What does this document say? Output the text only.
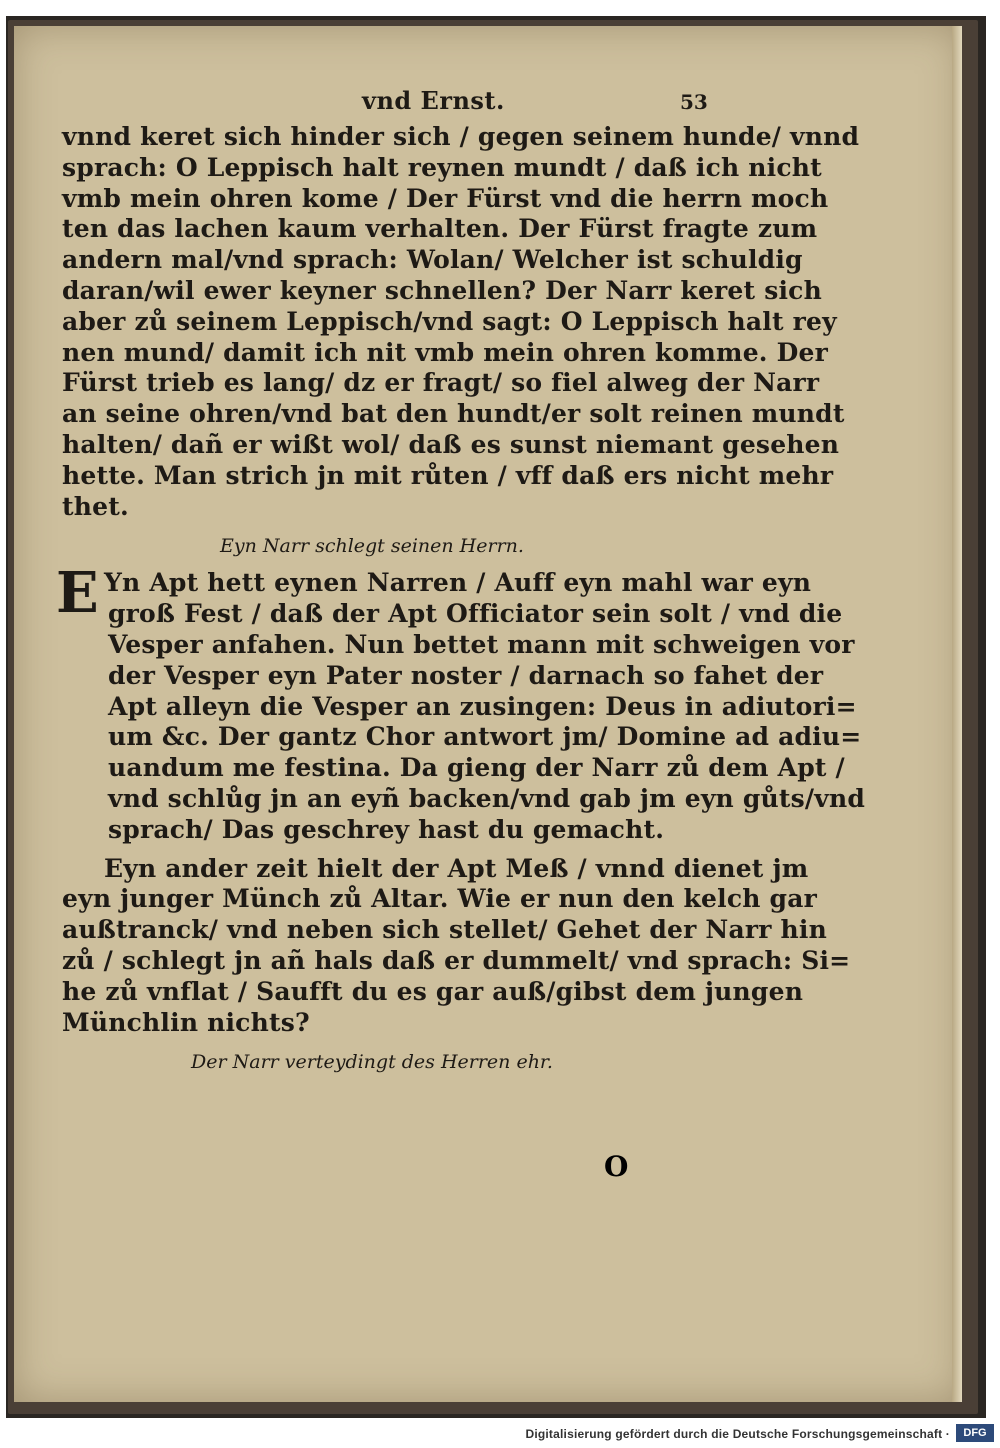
vnd Ernst.	53
vnnd keret sich hinder sich / gegen seinem hunde/ vnnd
sprach: O Leppisch halt reynen mundt / daß ich nicht
vmb mein ohren kome / Der Fürst vnd die herrn moch
ten das lachen kaum verhalten. Der Fürst fragte zum
andern mal/vnd sprach: Wolan/ Welcher ist schuldig
daran/wil ewer keyner schnellen? Der Narr keret sich
aber zů seinem Leppisch/vnd sagt: O Leppisch halt rey
nen mund/ damit ich nit vmb mein ohren komme. Der
Fürst trieb es lang/ dz er fragt/ so fiel alweg der Narr
an seine ohren/vnd bat den hundt/er solt reinen mundt
halten/ dañ er wißt wol/ daß es sunst niemant gesehen
hette. Man strich jn mit růten / vff daß ers nicht mehr
thet.
Eyn Narr schlegt seinen Herrn.
E Yn Apt hett eynen Narren / Auff eyn mahl war eyn
groß Fest / daß der Apt Officiator sein solt / vnd die
Vesper anfahen. Nun bettet mann mit schweigen vor
der Vesper eyn Pater noster / darnach so fahet der
Apt alleyn die Vesper an zusingen: Deus in adiutori=
um &c. Der gantz Chor antwort jm/ Domine ad adiu=
uandum me festina. Da gieng der Narr zů dem Apt /
vnd schlůg jn an eyñ backen/vnd gab jm eyn gůts/vnd
sprach/ Das geschrey hast du gemacht.
Eyn ander zeit hielt der Apt Meß / vnnd dienet jm
eyn junger Münch zů Altar. Wie er nun den kelch gar
außtranck/ vnd neben sich stellet/ Gehet der Narr hin
zů / schlegt jn añ hals daß er dummelt/ vnd sprach: Si=
he zů vnflat / Saufft du es gar auß/gibst dem jungen
Münchlin nichts?
Der Narr verteydingt des Herren ehr.
O
Digitalisierung gefördert durch die Deutsche Forschungsgemeinschaft ·	DFG
